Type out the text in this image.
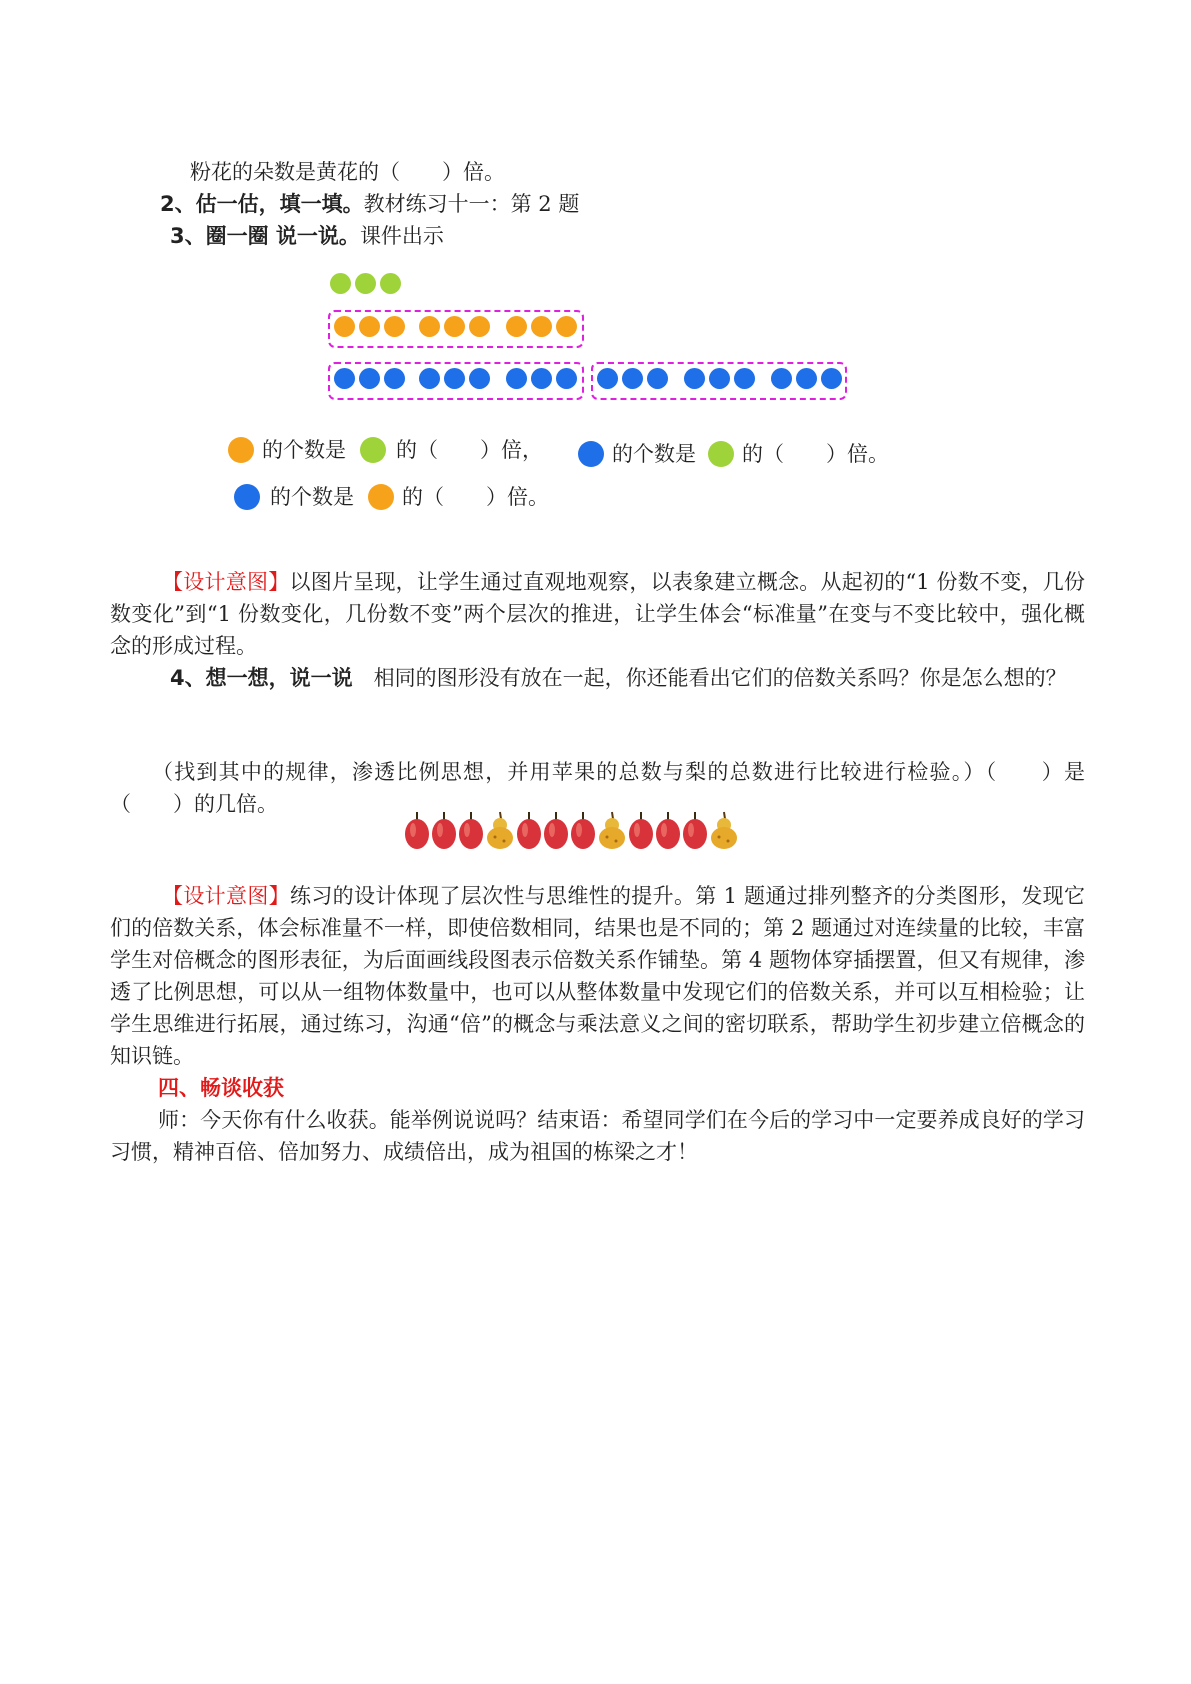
粉花的朵数是黄花的（　　）倍。
2、估一估，填一填。教材练习十一：第 2 题
3、圈一圈 说一说。课件出示
的个数是 的（　　）倍，	的个数是 的（　　）倍。
的个数是 的（　　）倍。
【设计意图】以图片呈现，让学生通过直观地观察，以表象建立概念。从起初的“1 份数不变，几份数变化”到“1 份数变化，几份数不变”两个层次的推进，让学生体会“标准量”在变与不变比较中，强化概念的形成过程。
4、想一想，说一说　相同的图形没有放在一起，你还能看出它们的倍数关系吗？你是怎么想的？
（找到其中的规律，渗透比例思想，并用苹果的总数与梨的总数进行比较进行检验。）（　　）是（　　）的几倍。
【设计意图】练习的设计体现了层次性与思维性的提升。第 1 题通过排列整齐的分类图形，发现它们的倍数关系，体会标准量不一样，即使倍数相同，结果也是不同的；第 2 题通过对连续量的比较，丰富学生对倍概念的图形表征，为后面画线段图表示倍数关系作铺垫。第 4 题物体穿插摆置，但又有规律，渗透了比例思想，可以从一组物体数量中，也可以从整体数量中发现它们的倍数关系，并可以互相检验；让学生思维进行拓展，通过练习，沟通“倍”的概念与乘法意义之间的密切联系，帮助学生初步建立倍概念的知识链。
四、畅谈收获
师：今天你有什么收获。能举例说说吗？结束语：希望同学们在今后的学习中一定要养成良好的学习习惯，精神百倍、倍加努力、成绩倍出，成为祖国的栋梁之才！
